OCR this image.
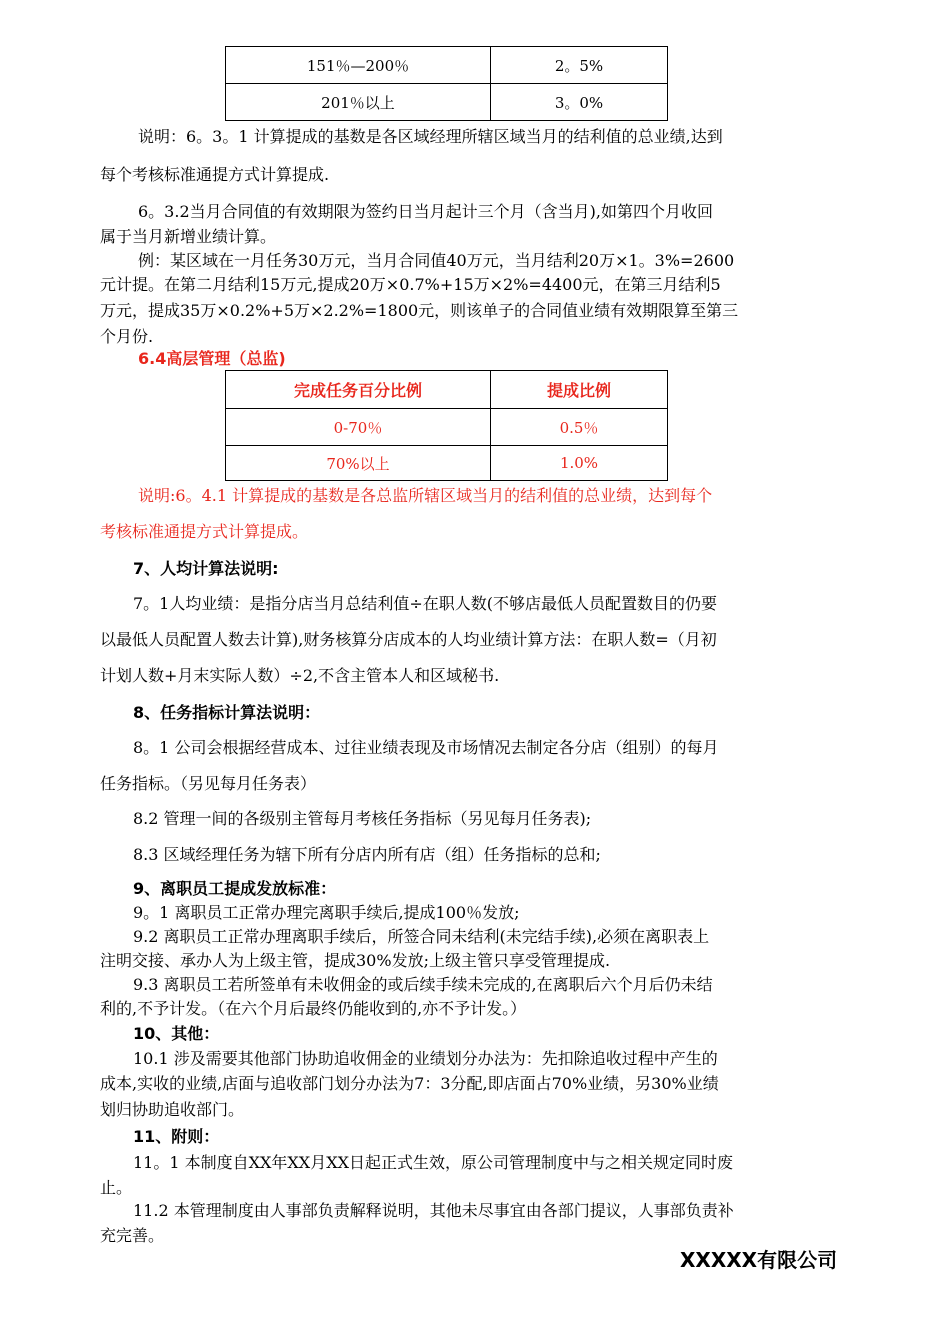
151％—200％	2。5%
201％以上	3。0%
说明：6。3。1 计算提成的基数是各区域经理所辖区域当月的结利值的总业绩,达到
每个考核标准通提方式计算提成.
6。3.2当月合同值的有效期限为签约日当月起计三个月（含当月),如第四个月收回
属于当月新增业绩计算。
例：某区域在一月任务30万元，当月合同值40万元，当月结利20万×1。3%=2600
元计提。在第二月结利15万元,提成20万×0.7%+15万×2%=4400元，在第三月结利5
万元，提成35万×0.2%+5万×2.2%=1800元，则该单子的合同值业绩有效期限算至第三
个月份.
6.4高层管理（总监)
完成任务百分比例	提成比例
0-70％	0.5％
70%以上	1.0%
说明:6。4.1 计算提成的基数是各总监所辖区域当月的结利值的总业绩，达到每个
考核标准通提方式计算提成。
7、人均计算法说明:
7。1人均业绩：是指分店当月总结利值÷在职人数(不够店最低人员配置数目的仍要
以最低人员配置人数去计算),财务核算分店成本的人均业绩计算方法：在职人数=（月初
计划人数+月末实际人数）÷2,不含主管本人和区域秘书.
8、任务指标计算法说明：
8。1 公司会根据经营成本、过往业绩表现及市场情况去制定各分店（组别）的每月
任务指标。（另见每月任务表）
8.2 管理一间的各级别主管每月考核任务指标（另见每月任务表);
8.3 区域经理任务为辖下所有分店内所有店（组）任务指标的总和;
9、离职员工提成发放标准：
9。1 离职员工正常办理完离职手续后,提成100％发放;
9.2 离职员工正常办理离职手续后，所签合同未结利(未完结手续),必须在离职表上
注明交接、承办人为上级主管，提成30%发放;上级主管只享受管理提成.
9.3 离职员工若所签单有未收佣金的或后续手续未完成的,在离职后六个月后仍未结
利的,不予计发。（在六个月后最终仍能收到的,亦不予计发。）
10、其他：
10.1 涉及需要其他部门协助追收佣金的业绩划分办法为：先扣除追收过程中产生的
成本,实收的业绩,店面与追收部门划分办法为7：3分配,即店面占70%业绩，另30%业绩
划归协助追收部门。
11、附则：
11。1 本制度自XX年XX月XX日起正式生效，原公司管理制度中与之相关规定同时废
止。
11.2 本管理制度由人事部负责解释说明，其他未尽事宜由各部门提议，人事部负责补
充完善。
XXXXX有限公司
